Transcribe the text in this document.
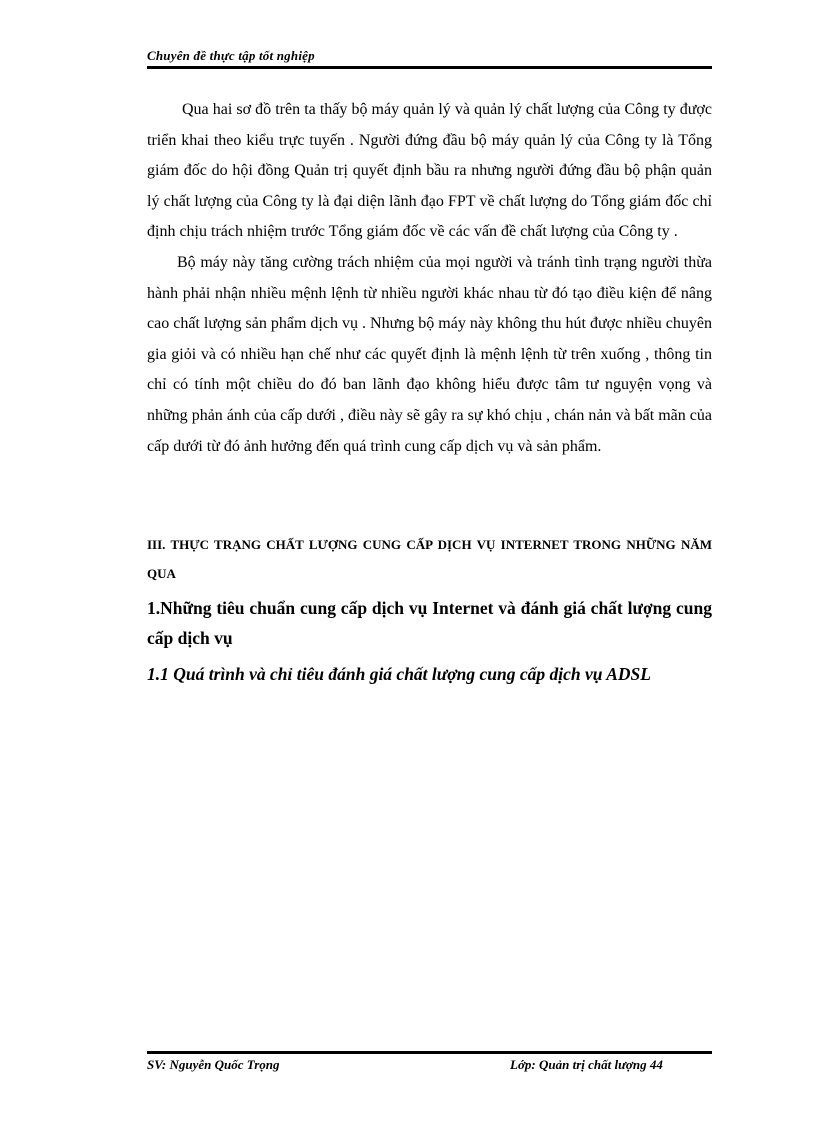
Chuyên đề thực tập tốt nghiệp

Qua hai sơ đồ trên ta thấy bộ máy quản lý và quản lý chất lượng của Công ty được triển khai theo kiểu trực tuyến . Người đứng đầu bộ máy quản lý của Công ty là Tổng giám đốc do hội đồng Quản trị quyết định bầu ra nhưng người đứng đầu bộ phận quản lý chất lượng của Công ty là đại diện lãnh đạo FPT về chất lượng do Tổng giám đốc chỉ định chịu trách nhiệm trước Tổng giám đốc về các vấn đề chất lượng của Công ty .

Bộ máy này tăng cường trách nhiệm của mọi người và tránh tình trạng người thừa hành phải nhận nhiều mệnh lệnh từ nhiều người khác nhau từ đó tạo điều kiện để nâng cao chất lượng sản phẩm dịch vụ . Nhưng bộ máy này không thu hút được nhiều chuyên gia giỏi và có nhiều hạn chế như các quyết định là mệnh lệnh từ trên xuống , thông tin chỉ có tính một chiều do đó ban lãnh đạo không hiểu được tâm tư nguyện vọng và những phản ánh của cấp dưới , điều này sẽ gây ra sự khó chịu , chán nản và bất mãn của cấp dưới từ đó ảnh hưởng đến quá trình cung cấp dịch vụ và sản phẩm.

III. THỰC TRẠNG CHẤT LƯỢNG CUNG CẤP DỊCH VỤ INTERNET TRONG NHỮNG NĂM QUA

1.Những tiêu chuẩn cung cấp dịch vụ Internet và đánh giá chất lượng cung cấp dịch vụ

1.1 Quá trình và chỉ tiêu đánh giá chất lượng cung cấp dịch vụ ADSL

SV: Nguyễn Quốc Trọng	Lớp: Quản trị chất lượng 44
